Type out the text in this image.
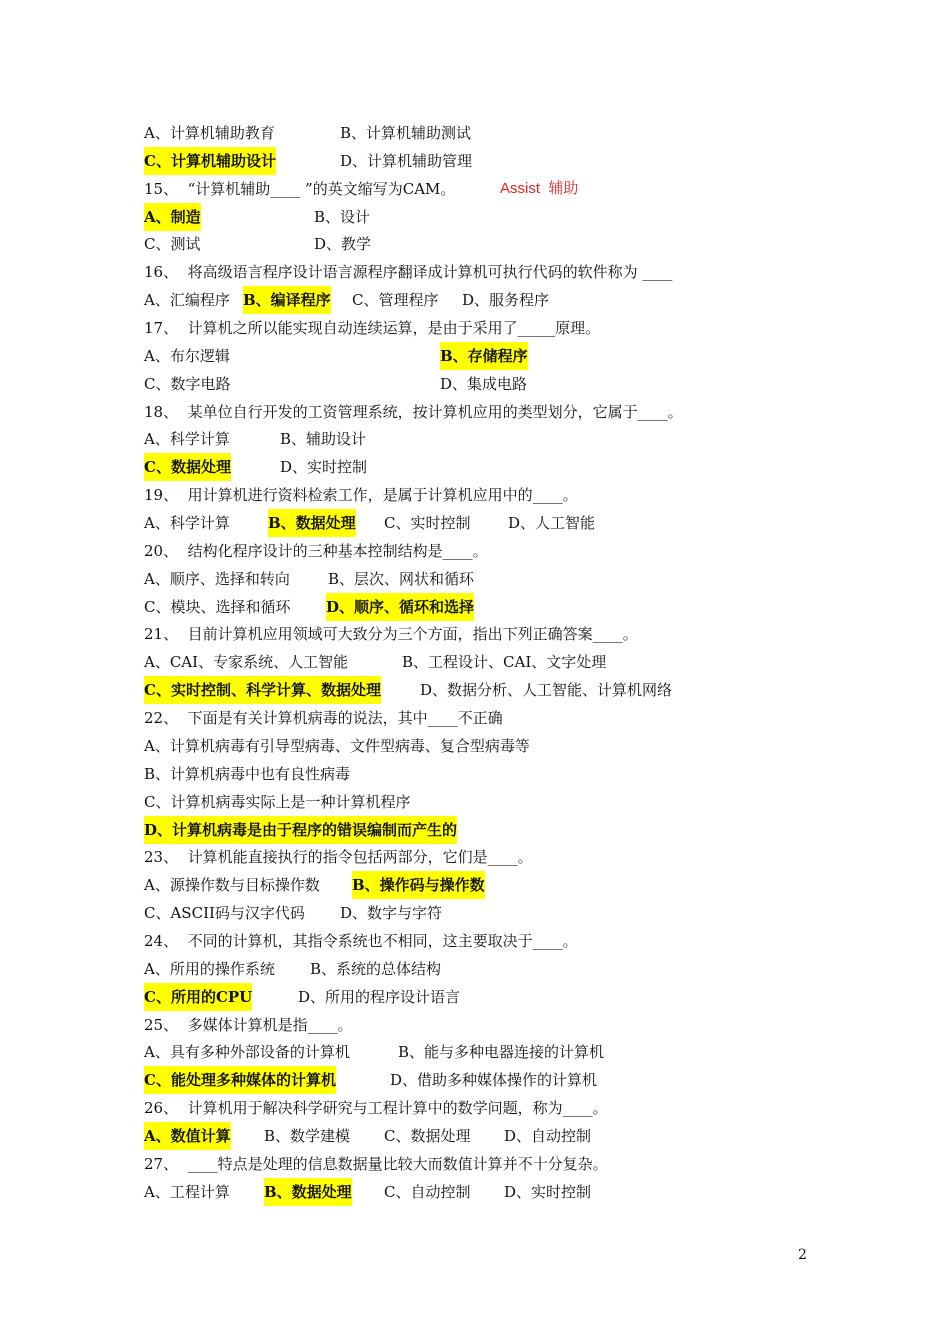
A、计算机辅助教育	B、计算机辅助测试
C、计算机辅助设计	D、计算机辅助管理
15、  “计算机辅助____ ”的英文缩写为CAM。	Assist  辅助
A、制造	B、设计
C、测试	D、教学
16、  将高级语言程序设计语言源程序翻译成计算机可执行代码的软件称为 ____
A、汇编程序 B、编译程序 C、管理程序 D、服务程序
17、  计算机之所以能实现自动连续运算，是由于采用了_____原理。
A、布尔逻辑	B、存储程序
C、数字电路	D、集成电路
18、  某单位自行开发的工资管理系统，按计算机应用的类型划分，它属于____。
A、科学计算	B、辅助设计
C、数据处理	D、实时控制
19、  用计算机进行资料检索工作，是属于计算机应用中的____。
A、科学计算	B、数据处理 C、实时控制	D、人工智能
20、  结构化程序设计的三种基本控制结构是____。
A、顺序、选择和转向	B、层次、网状和循环
C、模块、选择和循环 D、顺序、循环和选择
21、  目前计算机应用领域可大致分为三个方面，指出下列正确答案____。
A、CAI、专家系统、人工智能	B、工程设计、CAI、文字处理
C、实时控制、科学计算、数据处理	D、数据分析、人工智能、计算机网络
22、  下面是有关计算机病毒的说法，其中____不正确
A、计算机病毒有引导型病毒、文件型病毒、复合型病毒等
B、计算机病毒中也有良性病毒
C、计算机病毒实际上是一种计算机程序
D、计算机病毒是由于程序的错误编制而产生的
23、  计算机能直接执行的指令包括两部分，它们是____。
A、源操作数与目标操作数 B、操作码与操作数
C、ASCII码与汉字代码 D、数字与字符
24、  不同的计算机，其指令系统也不相同，这主要取决于____。
A、所用的操作系统 B、系统的总体结构
C、所用的CPU	D、所用的程序设计语言
25、  多媒体计算机是指____。
A、具有多种外部设备的计算机	B、能与多种电器连接的计算机
C、能处理多种媒体的计算机	D、借助多种媒体操作的计算机
26、  计算机用于解决科学研究与工程计算中的数学问题，称为____。
A、数值计算 B、数学建模 C、数据处理 D、自动控制
27、  ____特点是处理的信息数据量比较大而数值计算并不十分复杂。
A、工程计算 B、数据处理 C、自动控制 D、实时控制
2
